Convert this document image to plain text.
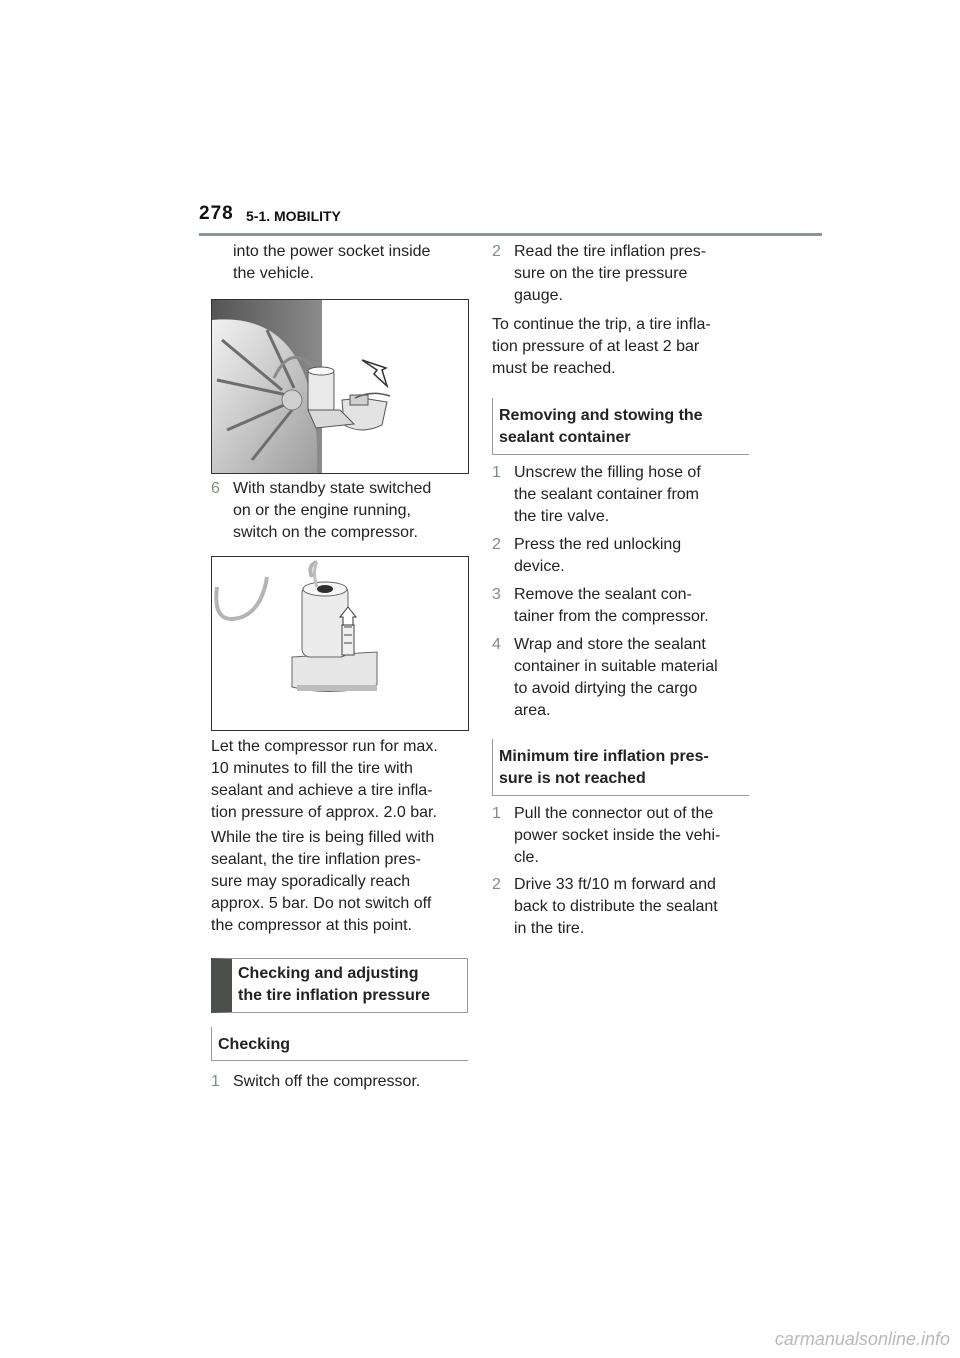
278 5-1. MOBILITY
into the power socket inside
the vehicle.
6 With standby state switched
on or the engine running,
switch on the compressor.
Let the compressor run for max.
10 minutes to fill the tire with
sealant and achieve a tire infla-
tion pressure of approx. 2.0 bar.
While the tire is being filled with
sealant, the tire inflation pres-
sure may sporadically reach
approx. 5 bar. Do not switch off
the compressor at this point.
Checking and adjusting
the tire inflation pressure
Checking
1 Switch off the compressor.
2 Read the tire inflation pres-
sure on the tire pressure
gauge.
To continue the trip, a tire infla-
tion pressure of at least 2 bar
must be reached.
Removing and stowing the
sealant container
1 Unscrew the filling hose of
the sealant container from
the tire valve.
2 Press the red unlocking
device.
3 Remove the sealant con-
tainer from the compressor.
4 Wrap and store the sealant
container in suitable material
to avoid dirtying the cargo
area.
Minimum tire inflation pres-
sure is not reached
1 Pull the connector out of the
power socket inside the vehi-
cle.
2 Drive 33 ft/10 m forward and
back to distribute the sealant
in the tire.
carmanualsonline.info
